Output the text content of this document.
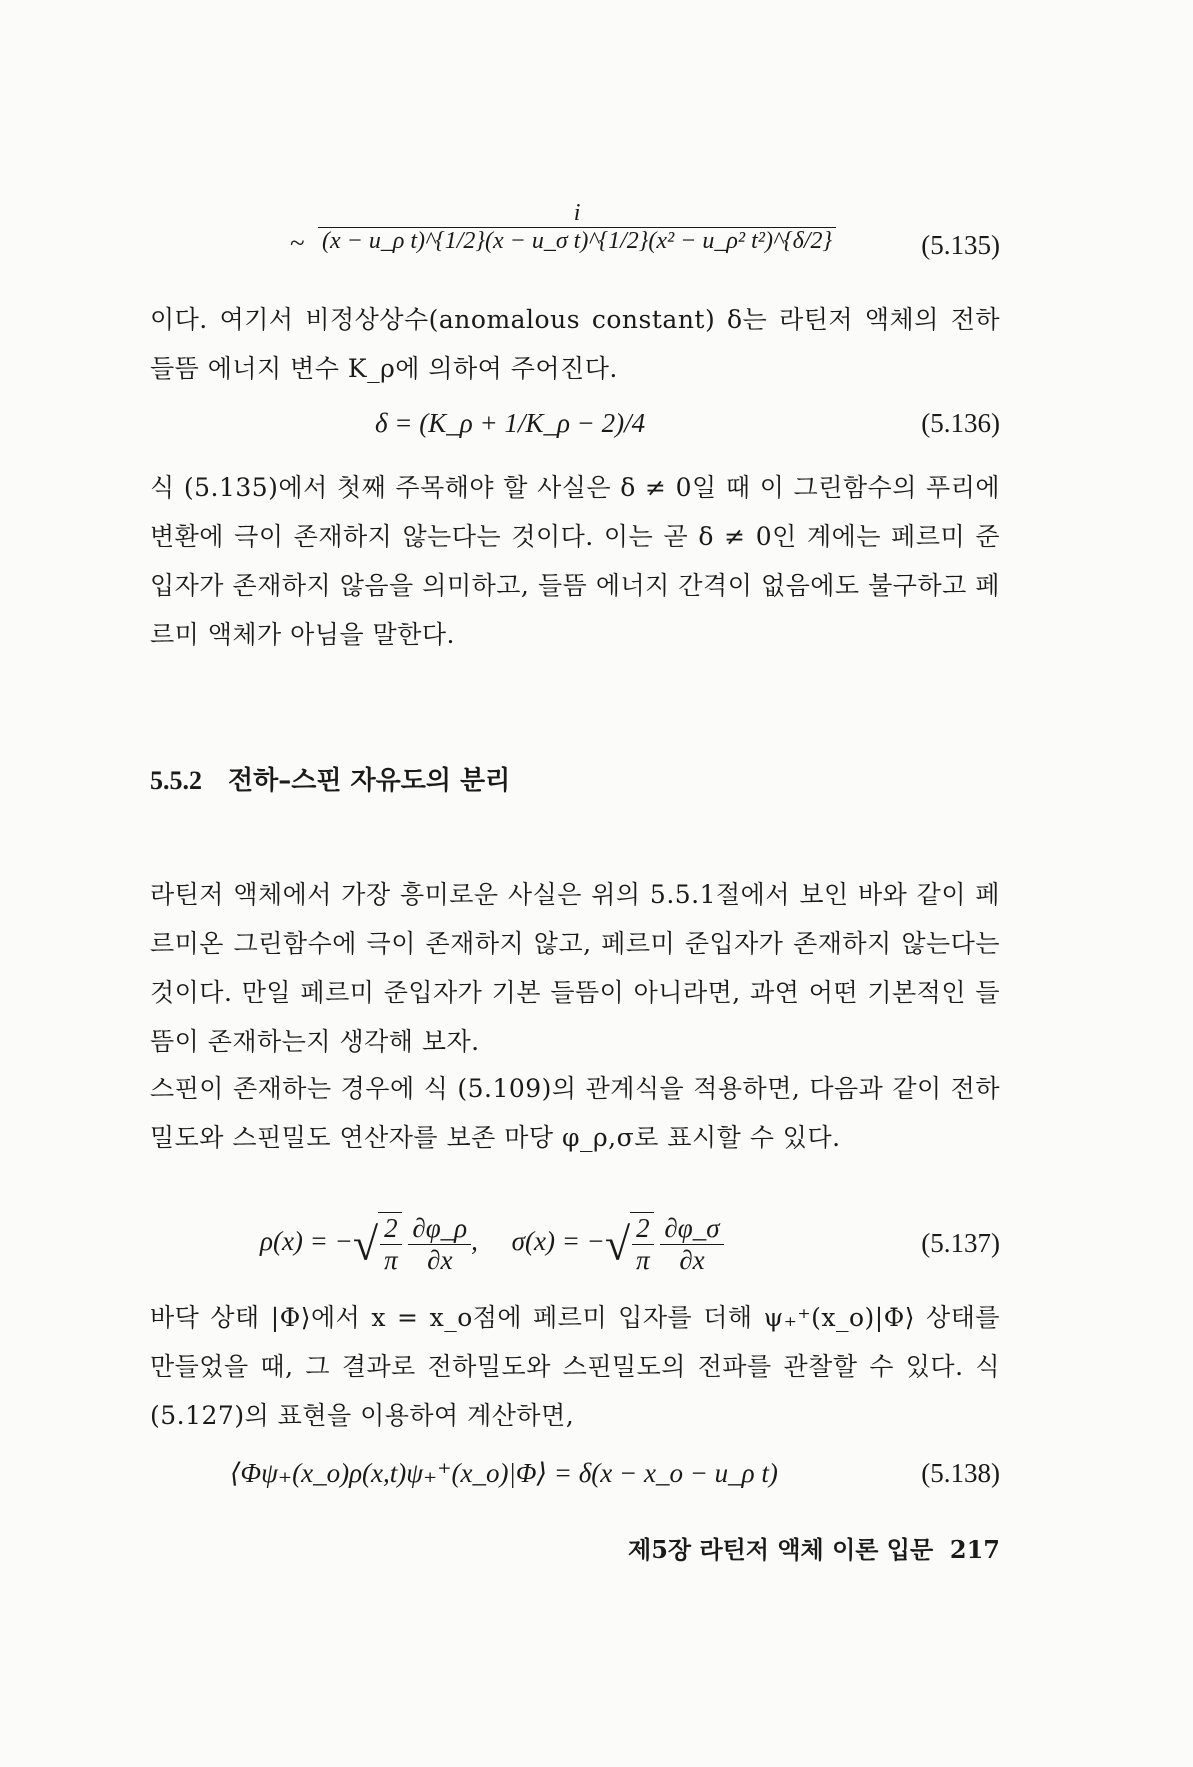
~ $\frac{i}{\text{(x − u\_ρ t)\textasciicircum{}\{1/2\}(x − u\_σ t)\textasciicircum{}\{1/2\}(x² − u\_ρ² t²)\textasciicircum{}\{δ/2\}}}$	(5.135)

이다. 여기서 비정상상수(anomalous constant) δ는 라틴저 액체의 전하 들뜸 에너지 변수 K_ρ에 의하여 주어진다.

δ = (K_ρ + 1/K_ρ − 2)/4	(5.136)

식 (5.135)에서 첫째 주목해야 할 사실은 δ ≠ 0일 때 이 그린함수의 푸리에변환에 극이 존재하지 않는다는 것이다. 이는 곧 δ ≠ 0인 계에는 페르미 준입자가 존재하지 않음을 의미하고, 들뜸 에너지 간격이 없음에도 불구하고 페르미 액체가 아님을 말한다.

5.5.2 전하–스핀 자유도의 분리

라틴저 액체에서 가장 흥미로운 사실은 위의 5.5.1절에서 보인 바와 같이 페르미온 그린함수에 극이 존재하지 않고, 페르미 준입자가 존재하지 않는다는 것이다. 만일 페르미 준입자가 기본 들뜸이 아니라면, 과연 어떤 기본적인 들뜸이 존재하는지 생각해 보자.

스핀이 존재하는 경우에 식 (5.109)의 관계식을 적용하면, 다음과 같이 전하밀도와 스핀밀도 연산자를 보존 마당 φ_ρ,σ로 표시할 수 있다.

ρ(x) = −√ $\frac{2}{\pi}$
$\frac{\partial\varphi\_\rho}{\partial x}$ , σ(x) = −√ $\frac{2}{\pi}$
$\frac{\partial\varphi\_\sigma}{\partial x}$	(5.137)

바닥 상태 |Φ⟩에서 x = x_o점에 페르미 입자를 더해 ψ₊⁺(x_o)|Φ⟩ 상태를 만들었을 때, 그 결과로 전하밀도와 스핀밀도의 전파를 관찰할 수 있다. 식 (5.127)의 표현을 이용하여 계산하면,

⟨Φψ₊(x_o)ρ(x,t)ψ₊⁺(x_o)|Φ⟩ = δ(x − x_o − u_ρ t)	(5.138)
제5장 라틴저 액체 이론 입문 217
